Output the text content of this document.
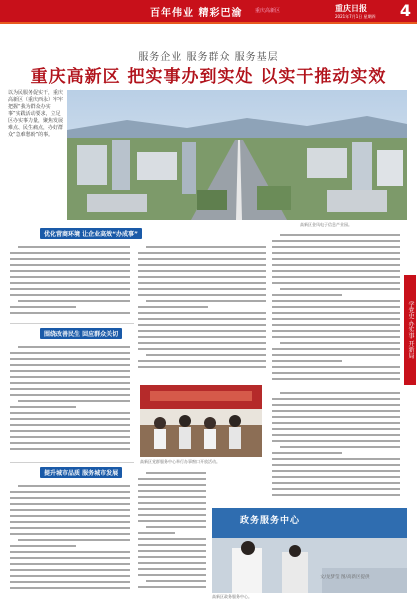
百年伟业 精彩巴渝	重庆高新区	重庆日报
2021年7月1日 星期四 4
服务企业 服务群众 服务基层
重庆高新区 把实事办到实处 以实干推动实效
以为民服务促实干，重庆高新区（重庆西永）牢牢把握“我为群众办实事”实践活动要求，立足区办实事力量，聚焦发展难点、民生痛点，办好群众“急难愁盼”的事。
高新区金凤电子信息产业园。
学党史 办实事 开新局
优化营商环境 让企业高效“办成事”
围绕改善民生 回应群众关切
高新区党群服务中心举行办事窗口开放活动。
提升城市品质 服务城市发展
政务服务中心
高新区政务服务中心。
文/龙梦莹 图/高新区提供
